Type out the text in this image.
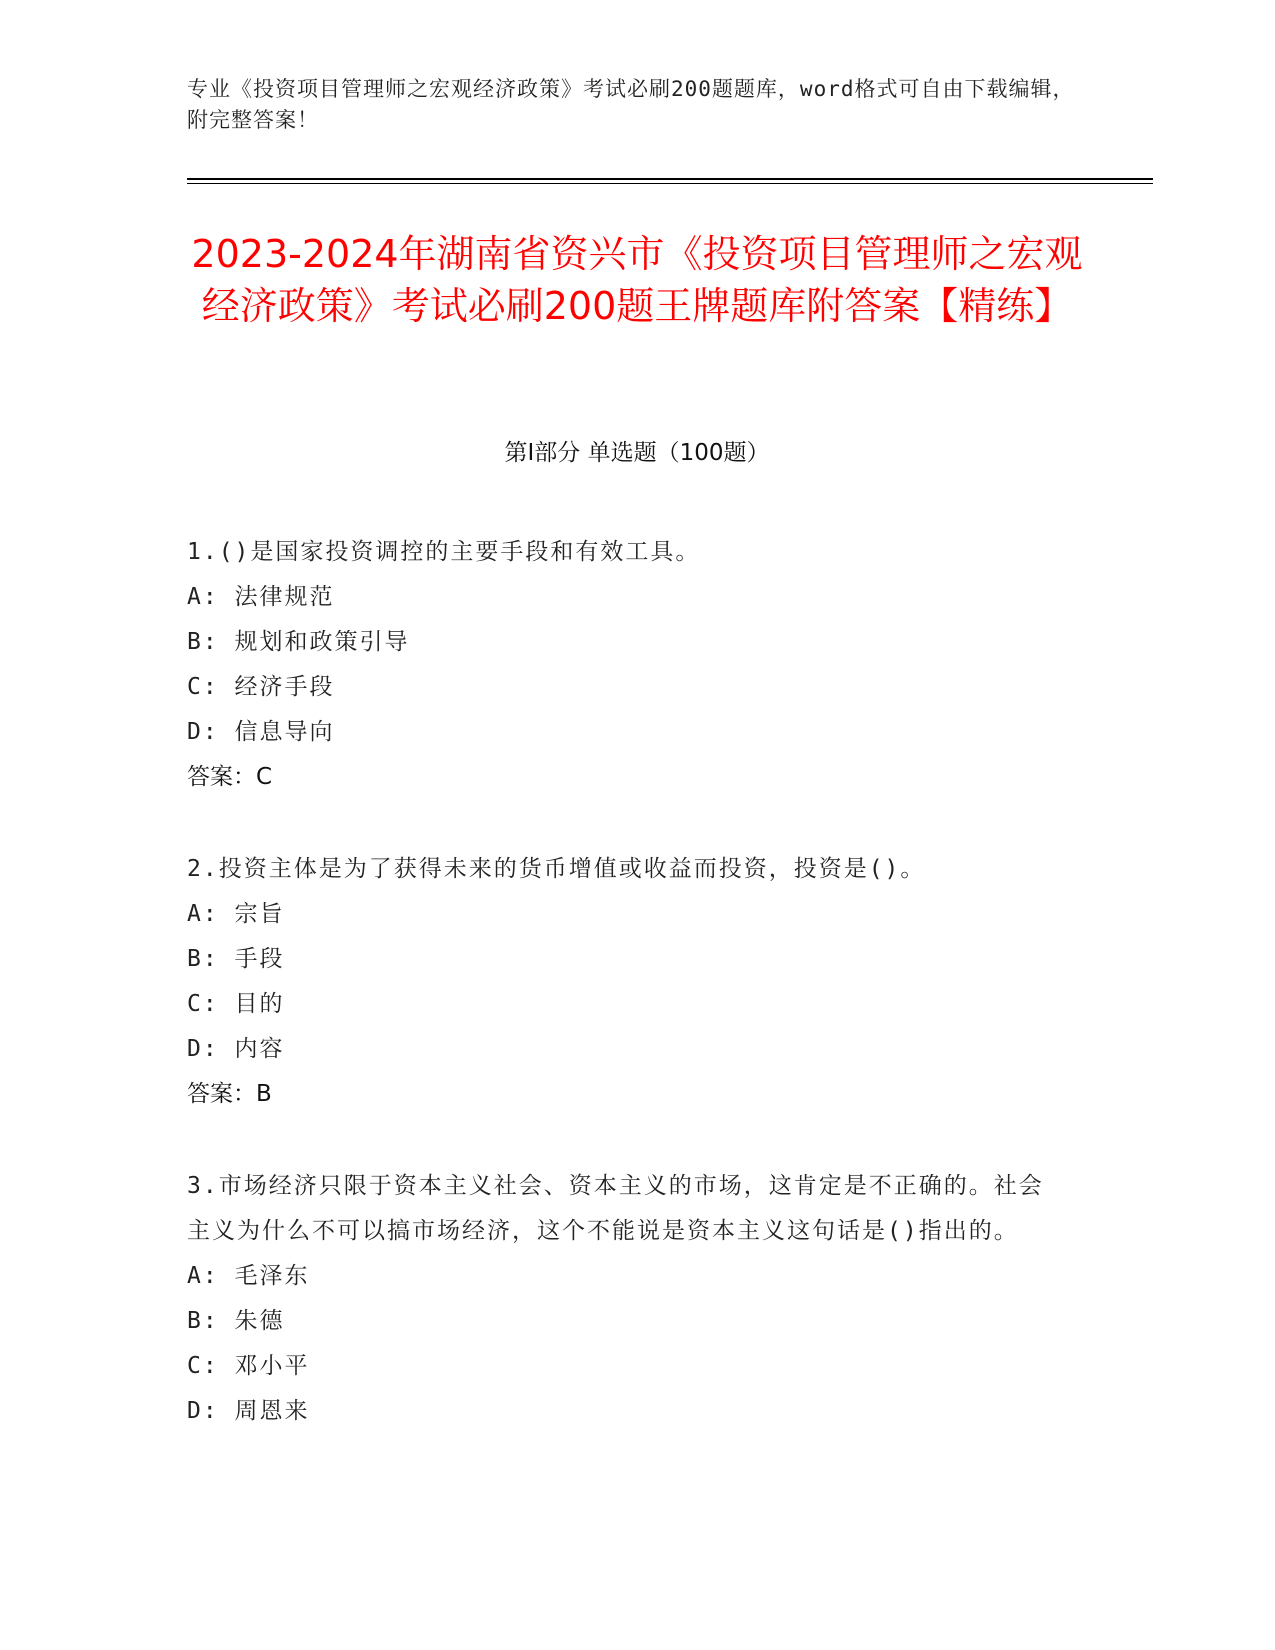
专业《投资项目管理师之宏观经济政策》考试必刷200题题库，word格式可自由下载编辑，附完整答案！
2023-2024年湖南省资兴市《投资项目管理师之宏观经济政策》考试必刷200题王牌题库附答案【精练】
第I部分 单选题（100题）
1.()是国家投资调控的主要手段和有效工具。
A: 法律规范
B: 规划和政策引导
C: 经济手段
D: 信息导向
答案：C
2.投资主体是为了获得未来的货币增值或收益而投资，投资是()。
A: 宗旨
B: 手段
C: 目的
D: 内容
答案：B
3.市场经济只限于资本主义社会、资本主义的市场，这肯定是不正确的。社会主义为什么不可以搞市场经济，这个不能说是资本主义这句话是()指出的。
A: 毛泽东
B: 朱德
C: 邓小平
D: 周恩来
